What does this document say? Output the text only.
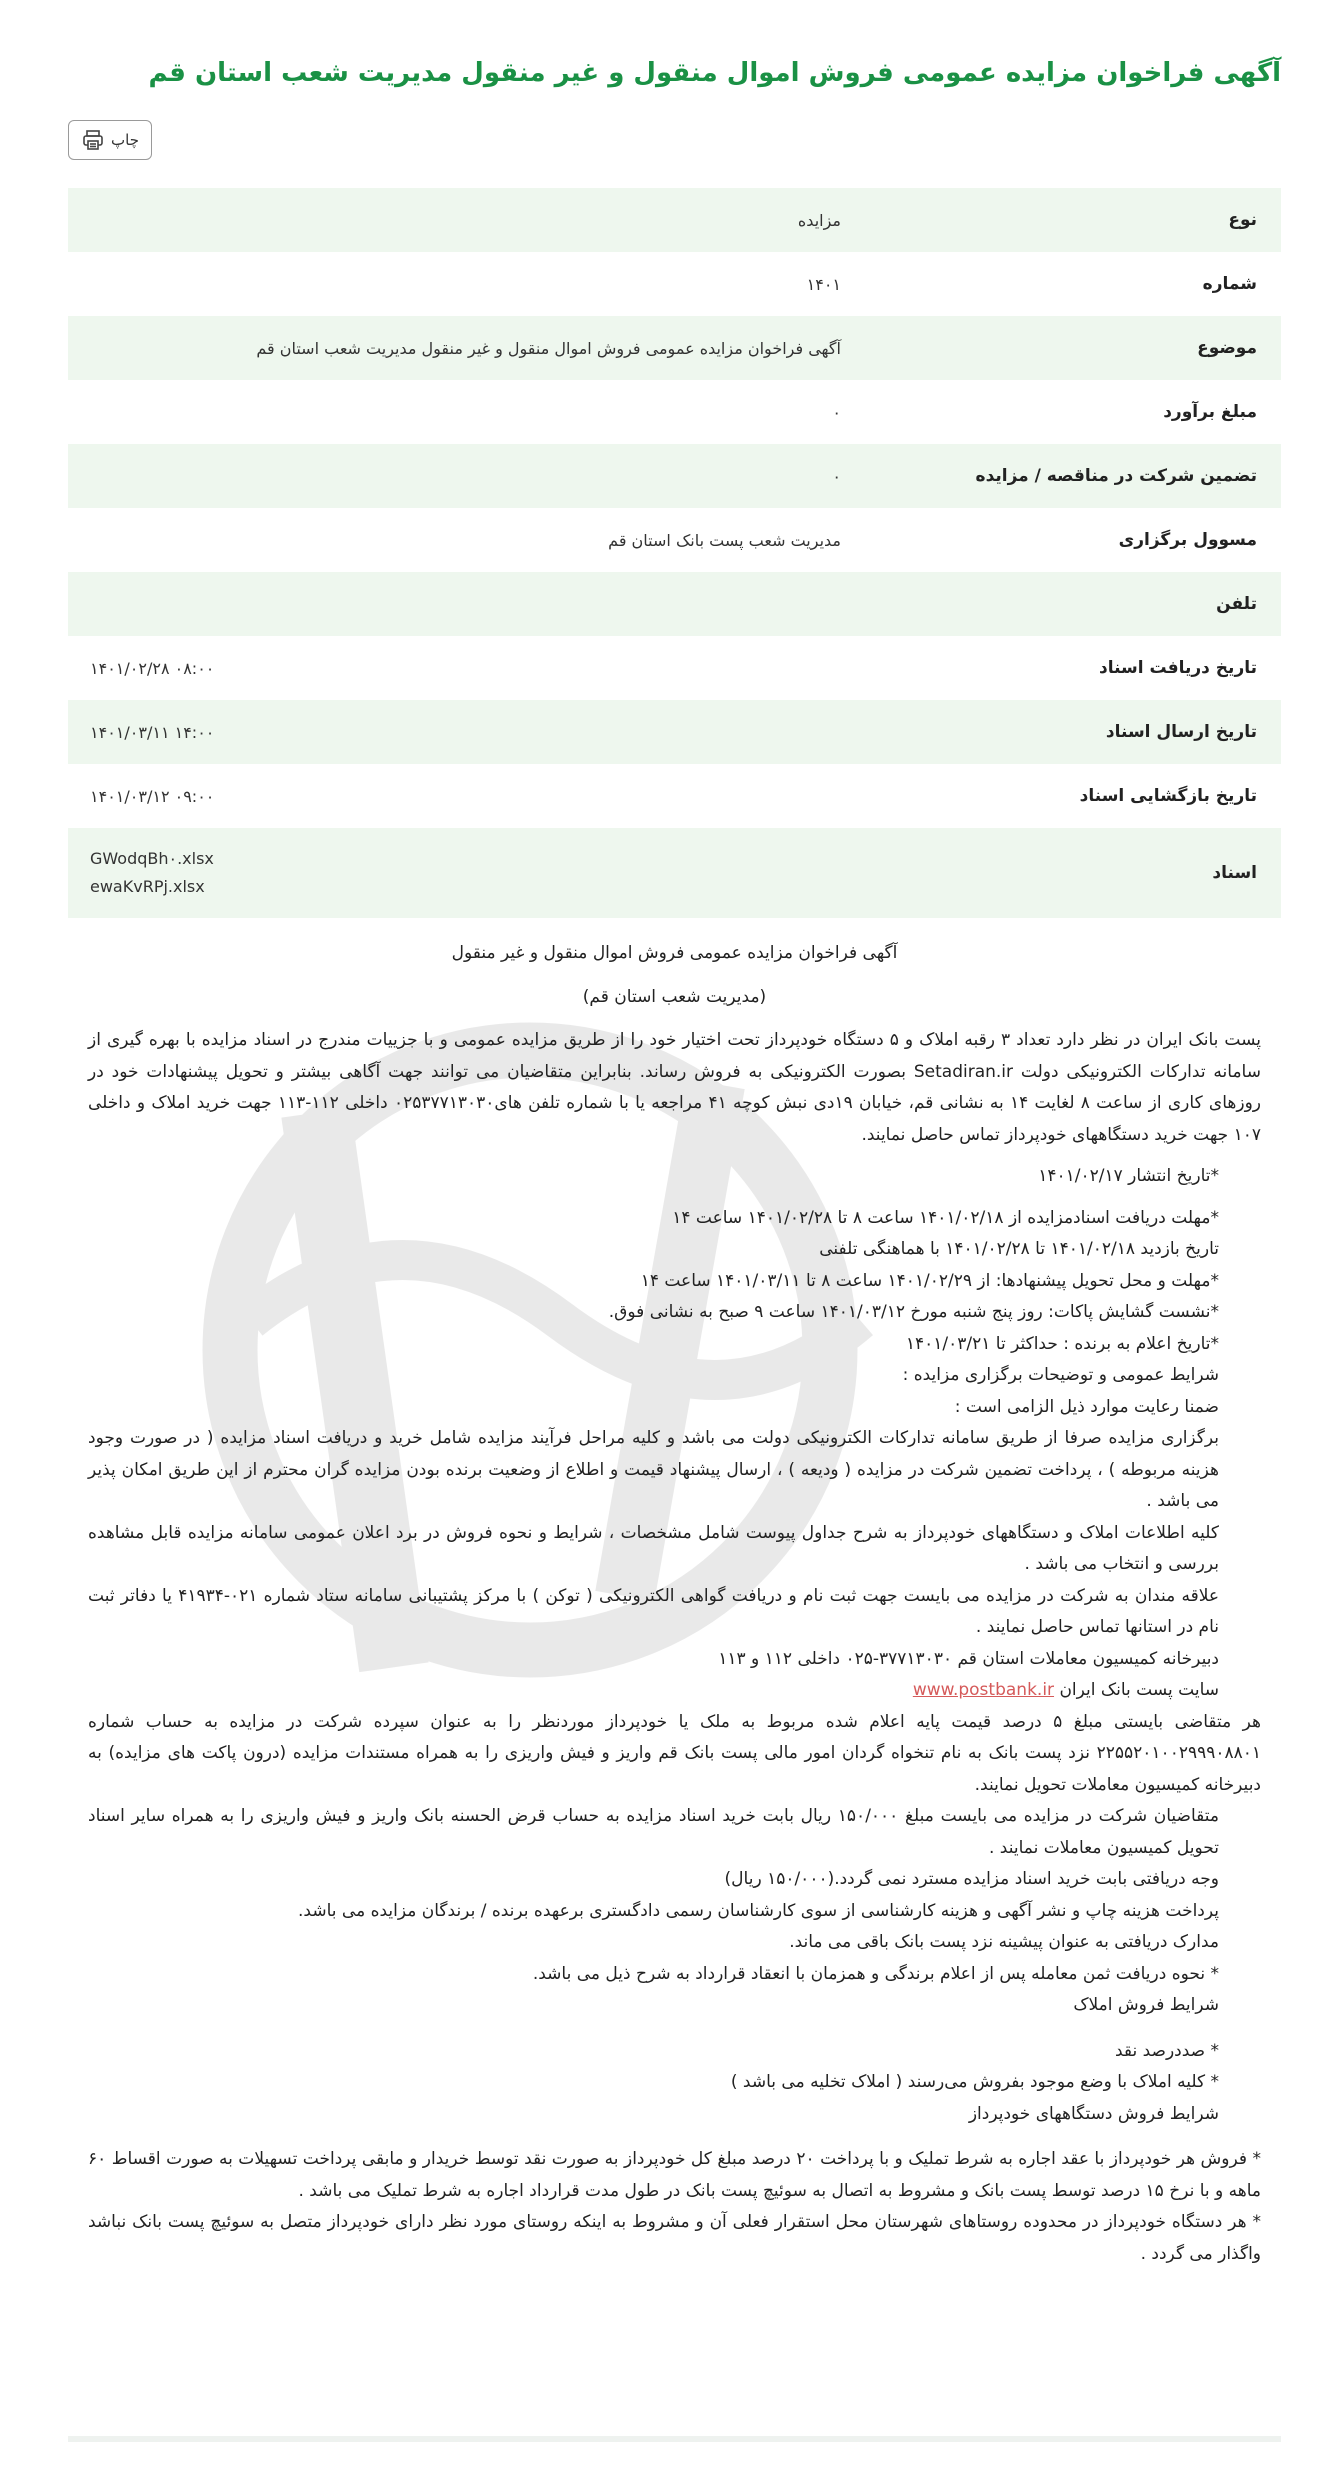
آگهی فراخوان مزایده عمومی فروش اموال منقول و غیر منقول مدیریت شعب استان قم
چاپ
نوع
مزایده
شماره
۱۴۰۱
موضوع
آگهی فراخوان مزایده عمومی فروش اموال منقول و غیر منقول مدیریت شعب استان قم
مبلغ برآورد
۰
تضمین شرکت در مناقصه / مزایده
۰
مسوول برگزاری
مدیریت شعب پست بانک استان قم
تلفن
تاریخ دریافت اسناد
۱۴۰۱/۰۲/۲۸ ۰۸:۰۰
تاریخ ارسال اسناد
۱۴۰۱/۰۳/۱۱ ۱۴:۰۰
تاریخ بازگشایی اسناد
۱۴۰۱/۰۳/۱۲ ۰۹:۰۰
اسناد
GWodqBh۰.xlsx
ewaKvRPj.xlsx

آگهی فراخوان مزایده عمومی فروش اموال منقول و غیر منقول

(مدیریت شعب استان قم)

پست بانک ایران در نظر دارد تعداد ۳ رقبه املاک و ۵ دستگاه خودپرداز تحت اختیار خود را از طریق مزایده عمومی و با جزییات مندرج در اسناد مزایده با بهره گیری از سامانه تدارکات الکترونیکی دولت Setadiran.ir بصورت الکترونیکی به فروش رساند. بنابراین متقاضیان می توانند جهت آگاهی بیشتر و تحویل پیشنهادات خود در روزهای کاری از ساعت ۸ لغایت ۱۴ به نشانی قم، خیابان ۱۹دی نبش کوچه ۴۱ مراجعه یا با شماره تلفن های۰۲۵۳۷۷۱۳۰۳۰ داخلی ۱۱۲-۱۱۳ جهت خرید املاک و داخلی ۱۰۷ جهت خرید دستگاههای خودپرداز تماس حاصل نمایند.

*تاریخ انتشار ۱۴۰۱/۰۲/۱۷

*مهلت دریافت اسنادمزایده از ۱۴۰۱/۰۲/۱۸ ساعت ۸ تا ۱۴۰۱/۰۲/۲۸ ساعت ۱۴

تاریخ بازدید ۱۴۰۱/۰۲/۱۸ تا ۱۴۰۱/۰۲/۲۸ با هماهنگی تلفنی

*مهلت و محل تحویل پیشنهادها: از ۱۴۰۱/۰۲/۲۹ ساعت ۸ تا ۱۴۰۱/۰۳/۱۱ ساعت ۱۴

*نشست گشایش پاکات: روز پنج شنبه مورخ ۱۴۰۱/۰۳/۱۲ ساعت ۹ صبح به نشانی فوق.

*تاریخ اعلام به برنده : حداکثر تا ۱۴۰۱/۰۳/۲۱

شرایط عمومی و توضیحات برگزاری مزایده :

ضمنا رعایت موارد ذیل الزامی است :

برگزاری مزایده صرفا از طریق سامانه تدارکات الکترونیکی دولت می باشد و کلیه مراحل فرآیند مزایده شامل خرید و دریافت اسناد مزایده ( در صورت وجود هزینه مربوطه ) ، پرداخت تضمین شرکت در مزایده ( ودیعه ) ، ارسال پیشنهاد قیمت و اطلاع از وضعیت برنده بودن مزایده گران محترم از این طریق امکان پذیر می باشد .

کلیه اطلاعات املاک و دستگاههای خودپرداز به شرح جداول پیوست شامل مشخصات ، شرایط و نحوه فروش در برد اعلان عمومی سامانه مزایده قابل مشاهده بررسی و انتخاب می باشد .

علاقه مندان به شرکت در مزایده می بایست جهت ثبت نام و دریافت گواهی الکترونیکی ( توکن ) با مرکز پشتیبانی سامانه ستاد شماره ۰۲۱-۴۱۹۳۴ یا دفاتر ثبت نام در استانها تماس حاصل نمایند .

دبیرخانه کمیسیون معاملات استان قم ۳۷۷۱۳۰۳۰-۰۲۵ داخلی ۱۱۲ و ۱۱۳

سایت پست بانک ایران www.postbank.ir

هر متقاضی بایستی مبلغ ۵ درصد قیمت پایه اعلام شده مربوط به ملک یا خودپرداز موردنظر را به عنوان سپرده شرکت در مزایده به حساب شماره ۲۲۵۵۲۰۱۰۰۲۹۹۹۰۸۸۰۱ نزد پست بانک به نام تنخواه گردان امور مالی پست بانک قم واریز و فیش واریزی را به همراه مستندات مزایده (درون پاکت های مزایده) به دبیرخانه کمیسیون معاملات تحویل نمایند.

متقاضیان شرکت در مزایده می بایست مبلغ ۱۵۰/۰۰۰ ریال بابت خرید اسناد مزایده به حساب قرض الحسنه بانک واریز و فیش واریزی را به همراه سایر اسناد تحویل کمیسیون معاملات نمایند .

وجه دریافتی بابت خرید اسناد مزایده مسترد نمی گردد.(۱۵۰/۰۰۰ ریال)

پرداخت هزینه چاپ و نشر آگهی و هزینه کارشناسی از سوی کارشناسان رسمی دادگستری برعهده برنده / برندگان مزایده می باشد.

مدارک دریافتی به عنوان پیشینه نزد پست بانک باقی می ماند.

* نحوه دریافت ثمن معامله پس از اعلام برندگی و همزمان با انعقاد قرارداد به شرح ذیل می باشد.

شرایط فروش املاک

* صددرصد نقد

* کلیه املاک با وضع موجود بفروش می‌رسند ( املاک تخلیه می باشد )

شرایط فروش دستگاههای خودپرداز

* فروش هر خودپرداز با عقد اجاره به شرط تملیک و با پرداخت ۲۰ درصد مبلغ کل خودپرداز به صورت نقد توسط خریدار و مابقی پرداخت تسهیلات به صورت اقساط ۶۰ ماهه و با نرخ ۱۵ درصد توسط پست بانک و مشروط به اتصال به سوئیچ پست بانک در طول مدت قرارداد اجاره به شرط تملیک می باشد .

* هر دستگاه خودپرداز در محدوده روستاهای شهرستان محل استقرار فعلی آن و مشروط به اینکه روستای مورد نظر دارای خودپرداز متصل به سوئیچ پست بانک نباشد واگذار می گردد .
